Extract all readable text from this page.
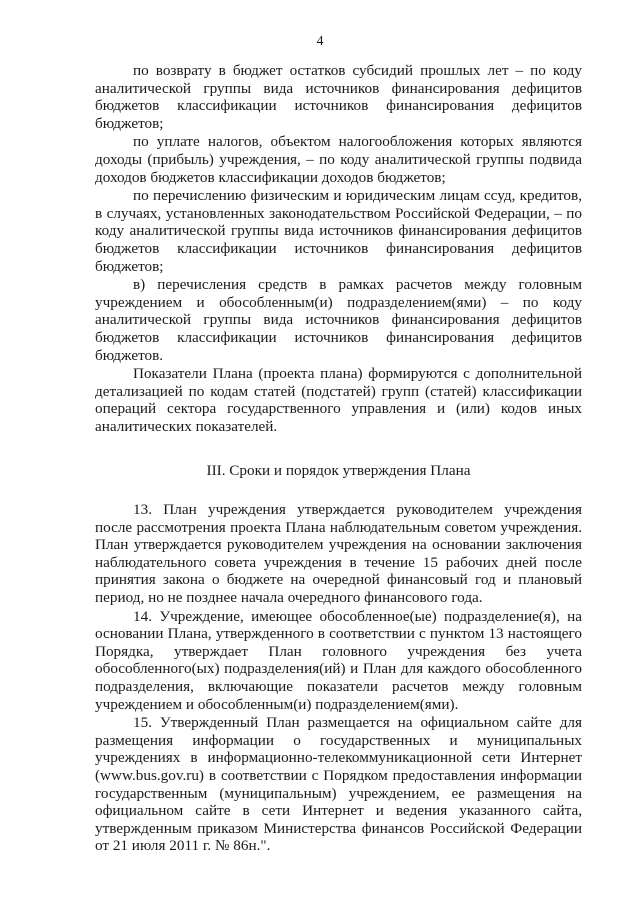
4

по возврату в бюджет остатков субсидий прошлых лет – по коду аналитической группы вида источников финансирования дефицитов бюджетов классификации источников финансирования дефицитов бюджетов;

по уплате налогов, объектом налогообложения которых являются доходы (прибыль) учреждения, – по коду аналитической группы подвида доходов бюджетов классификации доходов бюджетов;

по перечислению физическим и юридическим лицам ссуд, кредитов, в случаях, установленных законодательством Российской Федерации, – по коду аналитической группы вида источников финансирования дефицитов бюджетов классификации источников финансирования дефицитов бюджетов;

в) перечисления средств в рамках расчетов между головным учреждением и обособленным(и) подразделением(ями) – по коду аналитической группы вида источников финансирования дефицитов бюджетов классификации источников финансирования дефицитов бюджетов.

Показатели Плана (проекта плана) формируются с дополнительной детализацией по кодам статей (подстатей) групп (статей) классификации операций сектора государственного управления и (или) кодов иных аналитических показателей.

III. Сроки и порядок утверждения Плана

13. План учреждения утверждается руководителем учреждения после рассмотрения проекта Плана наблюдательным советом учреждения. План утверждается руководителем учреждения на основании заключения наблюдательного совета учреждения в течение 15 рабочих дней после принятия закона о бюджете на очередной финансовый год и плановый период, но не позднее начала очередного финансового года.

14. Учреждение, имеющее обособленное(ые) подразделение(я), на основании Плана, утвержденного в соответствии с пунктом 13 настоящего Порядка, утверждает План головного учреждения без учета обособленного(ых) подразделения(ий) и План для каждого обособленного подразделения, включающие показатели расчетов между головным учреждением и обособленным(и) подразделением(ями).

15. Утвержденный План размещается на официальном сайте для размещения информации о государственных и муниципальных учреждениях в информационно-телекоммуникационной сети Интернет (www.bus.gov.ru) в соответствии с Порядком предоставления информации государственным (муниципальным) учреждением, ее размещения на официальном сайте в сети Интернет и ведения указанного сайта, утвержденным приказом Министерства финансов Российской Федерации от 21 июля 2011 г. № 86н.".
